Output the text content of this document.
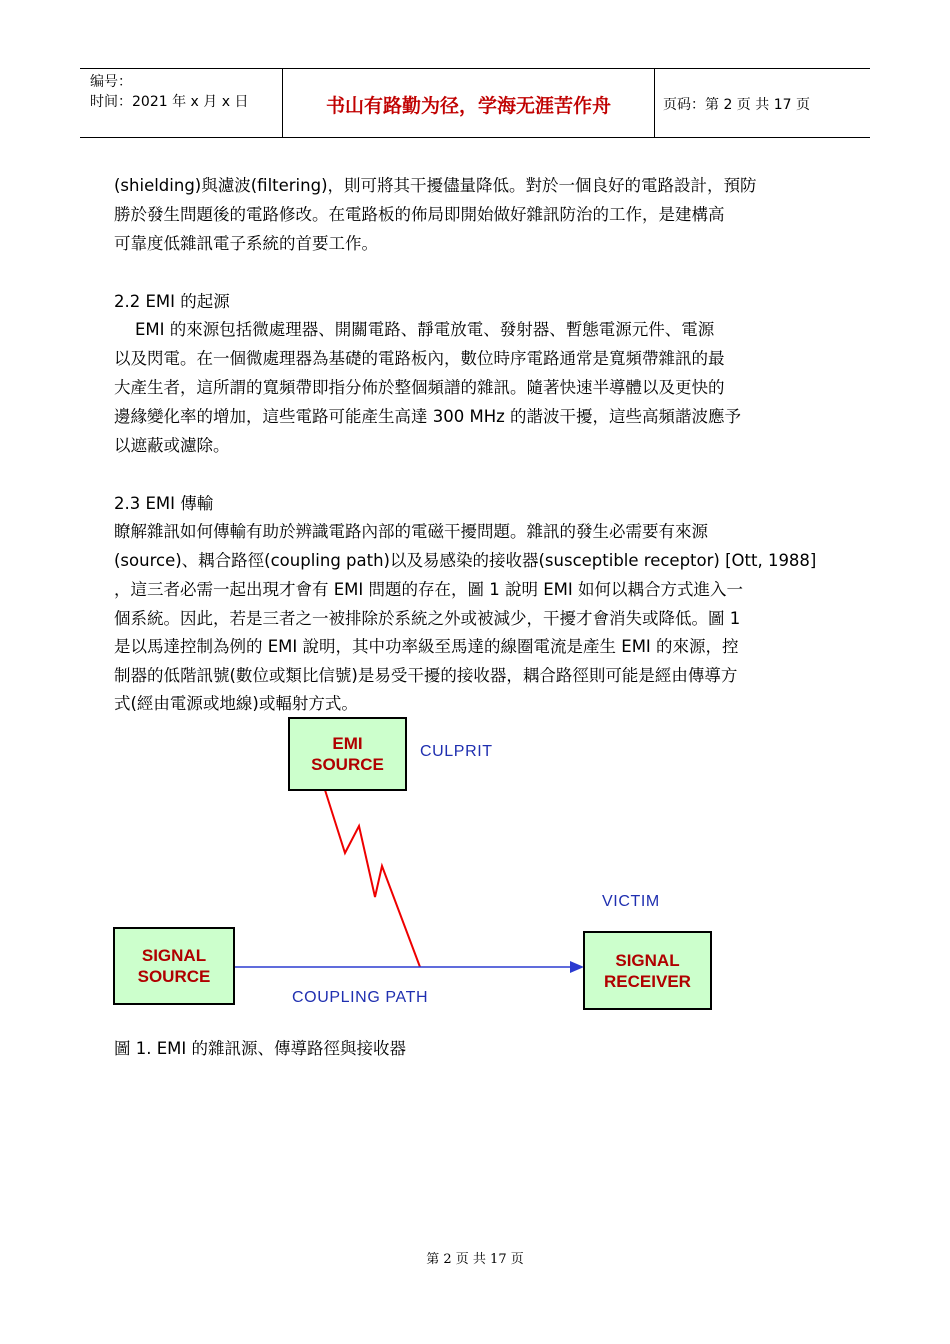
编号：
时间：2021 年 x 月 x 日	书山有路勤为径，学海无涯苦作舟	页码：第 2 页 共 17 页
(shielding)與濾波(filtering)，則可將其干擾儘量降低。對於一個良好的電路設計，預防
勝於發生問題後的電路修改。在電路板的佈局即開始做好雜訊防治的工作，是建構高
可靠度低雜訊電子系統的首要工作。
2.2 EMI 的起源
EMI 的來源包括微處理器、開關電路、靜電放電、發射器、暫態電源元件、電源
以及閃電。在一個微處理器為基礎的電路板內，數位時序電路通常是寬頻帶雜訊的最
大產生者，這所謂的寬頻帶即指分佈於整個頻譜的雜訊。隨著快速半導體以及更快的
邊緣變化率的增加，這些電路可能產生高達 300 MHz 的諧波干擾，這些高頻諧波應予
以遮蔽或濾除。
2.3 EMI 傳輸
瞭解雜訊如何傳輸有助於辨識電路內部的電磁干擾問題。雜訊的發生必需要有來源
(source)、耦合路徑(coupling path)以及易感染的接收器(susceptible receptor) [Ott, 1988]
，這三者必需一起出現才會有 EMI 問題的存在，圖 1 說明 EMI 如何以耦合方式進入一
個系統。因此，若是三者之一被排除於系統之外或被減少，干擾才會消失或降低。圖 1
是以馬達控制為例的 EMI 說明，其中功率級至馬達的線圈電流是產生 EMI 的來源，控
制器的低階訊號(數位或類比信號)是易受干擾的接收器，耦合路徑則可能是經由傳導方
式(經由電源或地線)或輻射方式。
EMI
SOURCE
CULPRIT
VICTIM
SIGNAL
SOURCE
SIGNAL
RECEIVER
COUPLING PATH
圖 1. EMI 的雜訊源、傳導路徑與接收器
第 2 页 共 17 页
